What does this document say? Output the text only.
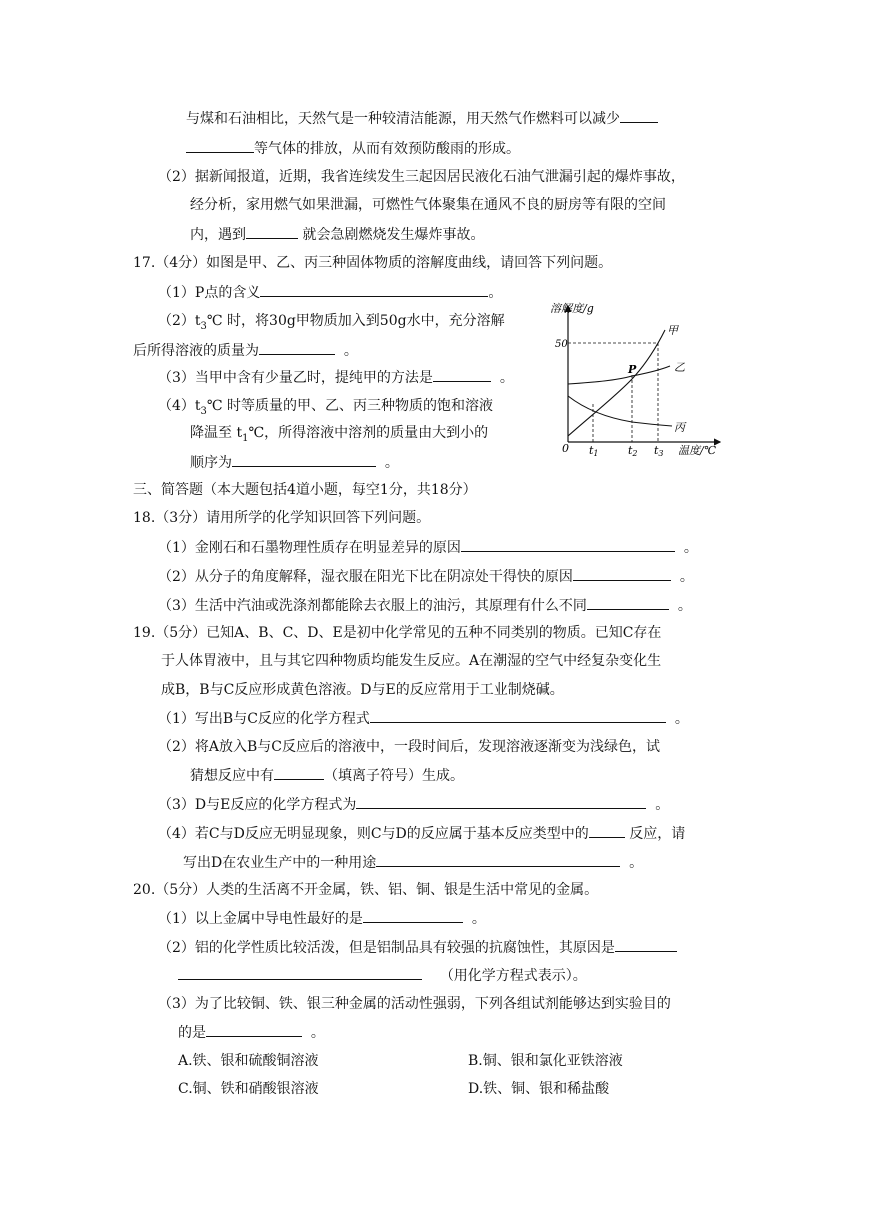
与煤和石油相比，天然气是一种较清洁能源，用天然气作燃料可以减少
等气体的排放，从而有效预防酸雨的形成。
（2）据新闻报道，近期，我省连续发生三起因居民液化石油气泄漏引起的爆炸事故，
经分析，家用燃气如果泄漏，可燃性气体聚集在通风不良的厨房等有限的空间
内，遇到	就会急剧燃烧发生爆炸事故。
17.（4分）如图是甲、乙、丙三种固体物质的溶解度曲线，请回答下列问题。
（1）P点的含义	。
$(2)t_3℃$ 时，将30g甲物质加入到50g水中，充分溶解
后所得溶液的质量为	。
（3）当甲中含有少量乙时，提纯甲的方法是	。
$(4)t_3℃$ 时等质量的甲、乙、丙三种物质的饱和溶液
降温至 $t_1℃$，所得溶液中溶剂的质量由大到小的
顺序为	。
溶解度/g
温度/℃
0
50
t1	t2 t3
甲
乙
丙
P
三、简答题（本大题包括4道小题，每空1分，共18分）
18.（3分）请用所学的化学知识回答下列问题。
（1）金刚石和石墨物理性质存在明显差异的原因	。
（2）从分子的角度解释，湿衣服在阳光下比在阴凉处干得快的原因	。
（3）生活中汽油或洗涤剂都能除去衣服上的油污，其原理有什么不同	。
19.（5分）已知A、B、C、D、E是初中化学常见的五种不同类别的物质。已知C存在
于人体胃液中，且与其它四种物质均能发生反应。A在潮湿的空气中经复杂变化生
成B，B与C反应形成黄色溶液。D与E的反应常用于工业制烧碱。
（1）写出B与C反应的化学方程式	。
（2）将A放入B与C反应后的溶液中，一段时间后，发现溶液逐渐变为浅绿色，试
猜想反应中有	（填离子符号）生成。
（3）D与E反应的化学方程式为	。
（4）若C与D反应无明显现象，则C与D的反应属于基本反应类型中的	反应，请
写出D在农业生产中的一种用途	。
20.（5分）人类的生活离不开金属，铁、铝、铜、银是生活中常见的金属。
（1）以上金属中导电性最好的是	。
（2）铝的化学性质比较活泼，但是铝制品具有较强的抗腐蚀性，其原因是
（用化学方程式表示）。
（3）为了比较铜、铁、银三种金属的活动性强弱，下列各组试剂能够达到实验目的
的是	。
A.铁、银和硫酸铜溶液	B.铜、银和氯化亚铁溶液
C.铜、铁和硝酸银溶液	D.铁、铜、银和稀盐酸
